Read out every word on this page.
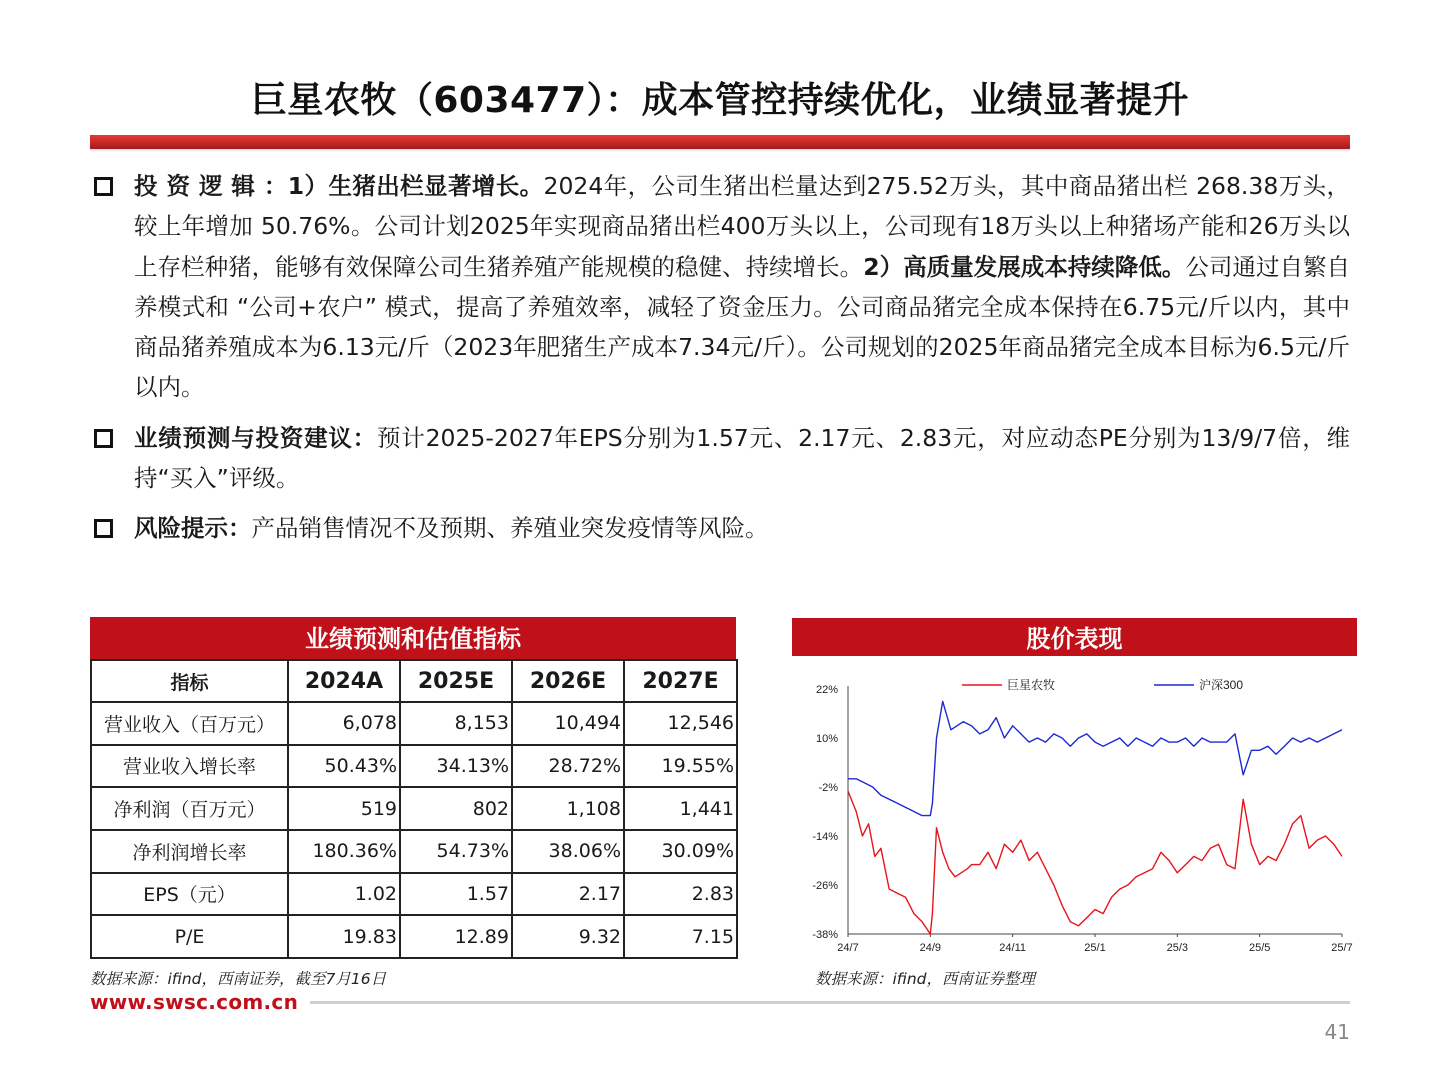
巨星农牧（603477）：成本管控持续优化，业绩显著提升
投 资 逻 辑 ：1）生猪出栏显著增长。2024年，公司生猪出栏量达到275.52万头，其中商品猪出栏 268.38万头，较上年增加 50.76%。公司计划2025年实现商品猪出栏400万头以上，公司现有18万头以上种猪场产能和26万头以上存栏种猪，能够有效保障公司生猪养殖产能规模的稳健、持续增长。2）高质量发展成本持续降低。公司通过自繁自养模式和 “公司+农户” 模式，提高了养殖效率，减轻了资金压力。公司商品猪完全成本保持在6.75元/斤以内，其中商品猪养殖成本为6.13元/斤（2023年肥猪生产成本7.34元/斤）。公司规划的2025年商品猪完全成本目标为6.5元/斤以内。
业绩预测与投资建议：预计2025-2027年EPS分别为1.57元、2.17元、2.83元，对应动态PE分别为13/9/7倍，维持“买入”评级。
风险提示：产品销售情况不及预期、养殖业突发疫情等风险。
业绩预测和估值指标
指标	2024A	2025E	2026E	2027E
营业收入（百万元）	6,078	8,153	10,494	12,546
营业收入增长率	50.43%	34.13%	28.72%	19.55%
净利润（百万元）	519	802	1,108	1,441
净利润增长率	180.36%	54.73%	38.06%	30.09%
EPS（元）	1.02	1.57	2.17	2.83
P/E	19.83	12.89	9.32	7.15
数据来源：ifind，西南证券，截至7月16日
股价表现
22%
10%
-2%
-14%
-26%
-38%
24/7	24/9	24/11	25/1	25/3	25/5	25/7
巨星农牧	沪深300
数据来源：ifind，西南证券整理
www.swsc.com.cn
41
